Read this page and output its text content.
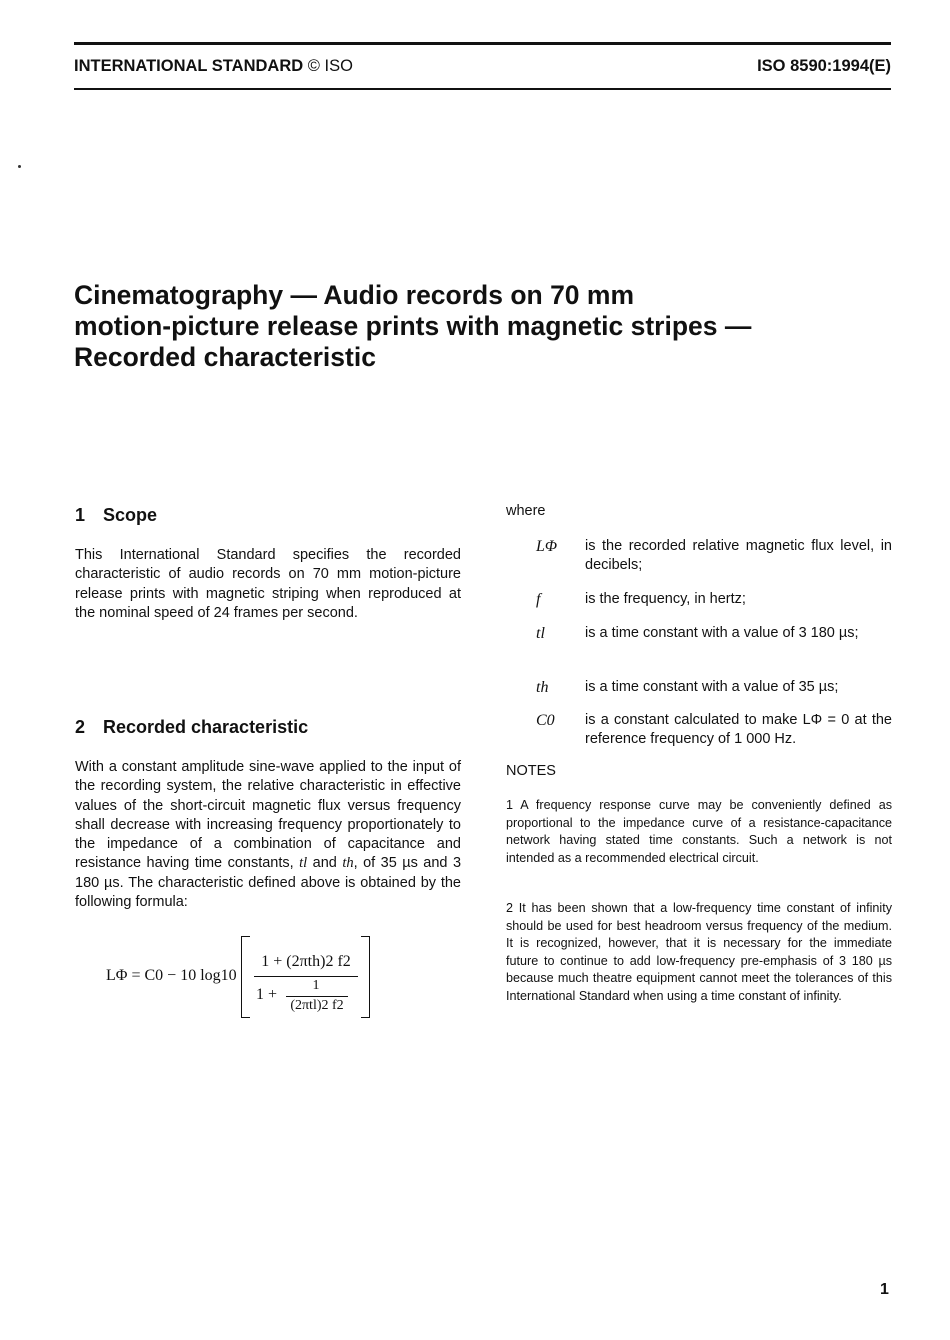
INTERNATIONAL STANDARD © ISO	ISO 8590:1994(E)
Cinematography — Audio records on 70 mm
motion-picture release prints with magnetic stripes —
Recorded characteristic
1 Scope

This International Standard specifies the recorded characteristic of audio records on 70 mm motion-picture release prints with magnetic striping when reproduced at the nominal speed of 24 frames per second.

2 Recorded characteristic

With a constant amplitude sine-wave applied to the input of the recording system, the relative characteristic in effective values of the short-circuit magnetic flux versus frequency shall decrease with increasing frequency proportionately to the impedance of a combination of capacitance and resistance having time constants, tl and th, of 35 µs and 3 180 µs. The characteristic defined above is obtained by the following formula:

LΦ = C0 − 10 log10
1 + (2πth)2 f2
1 +
1
(2πtl)2 f2
where
LΦ is the recorded relative magnetic flux level, in decibels;
f	is the frequency, in hertz;
tl	is a time constant with a value of 3 180 µs;
th	is a time constant with a value of 35 µs;
C0 is a constant calculated to make LΦ = 0 at the reference frequency of 1 000 Hz.
NOTES
1 A frequency response curve may be conveniently defined as proportional to the impedance curve of a resistance-capacitance network having stated time constants. Such a network is not intended as a recommended electrical circuit.
2 It has been shown that a low-frequency time constant of infinity should be used for best headroom versus frequency of the medium. It is recognized, however, that it is necessary for the immediate future to continue to add low-frequency pre-emphasis of 3 180 µs because much theatre equipment cannot meet the tolerances of this International Standard when using a time constant of infinity.
1
